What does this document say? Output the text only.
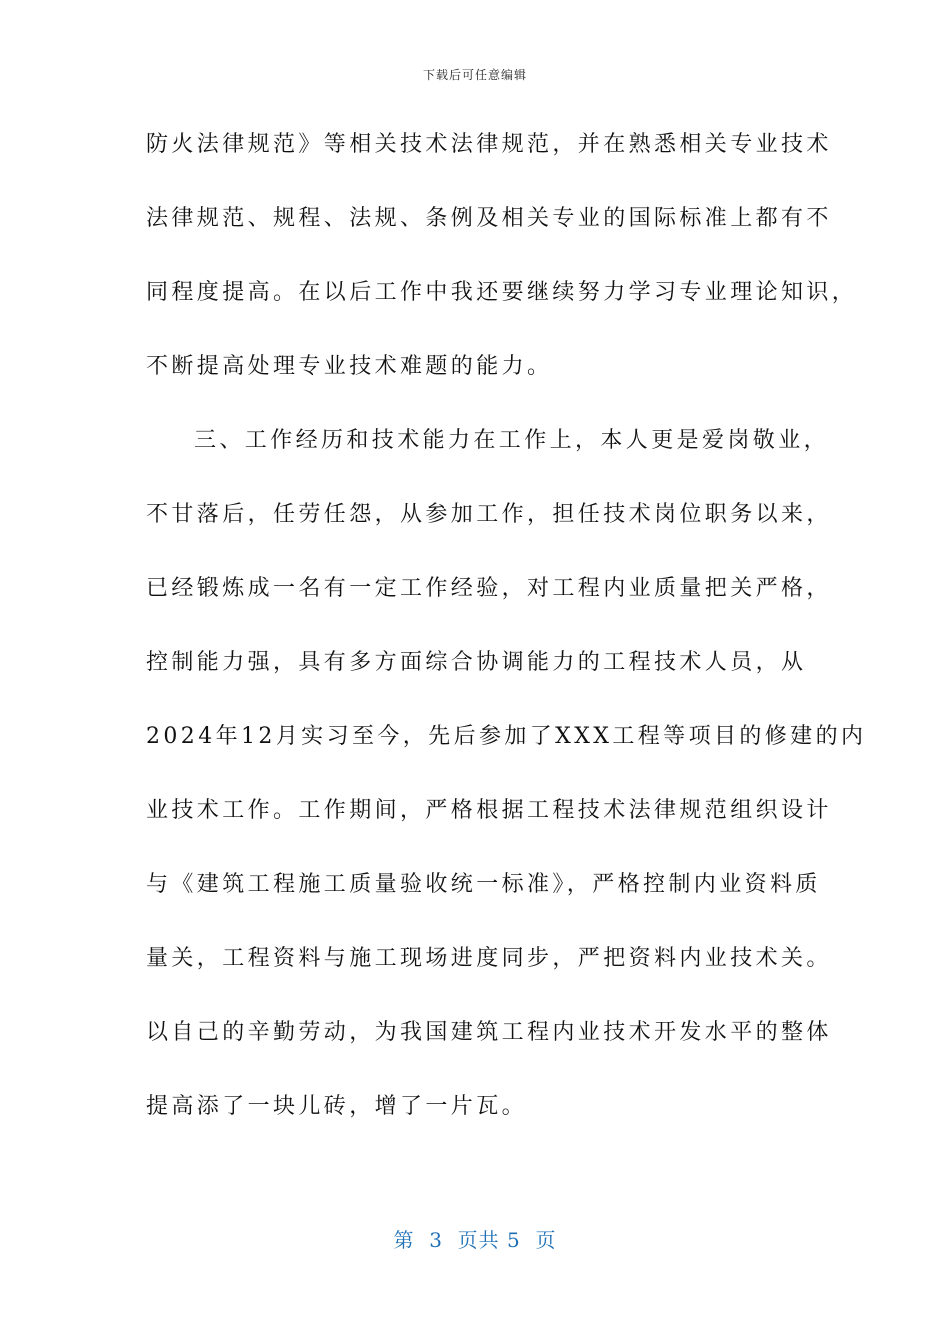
下载后可任意编辑
防火法律规范》等相关技术法律规范，并在熟悉相关专业技术
法律规范、规程、法规、条例及相关专业的国际标准上都有不
同程度提高。在以后工作中我还要继续努力学习专业理论知识，
不断提高处理专业技术难题的能力。
三、工作经历和技术能力在工作上，本人更是爱岗敬业，
不甘落后，任劳任怨，从参加工作，担任技术岗位职务以来，
已经锻炼成一名有一定工作经验，对工程内业质量把关严格，
控制能力强，具有多方面综合协调能力的工程技术人员，从
2024年12月实习至今，先后参加了XXX工程等项目的修建的内
业技术工作。工作期间，严格根据工程技术法律规范组织设计
与《建筑工程施工质量验收统一标准》，严格控制内业资料质
量关，工程资料与施工现场进度同步，严把资料内业技术关。
以自己的辛勤劳动，为我国建筑工程内业技术开发水平的整体
提高添了一块儿砖，增了一片瓦。
第  3  页共 5  页
